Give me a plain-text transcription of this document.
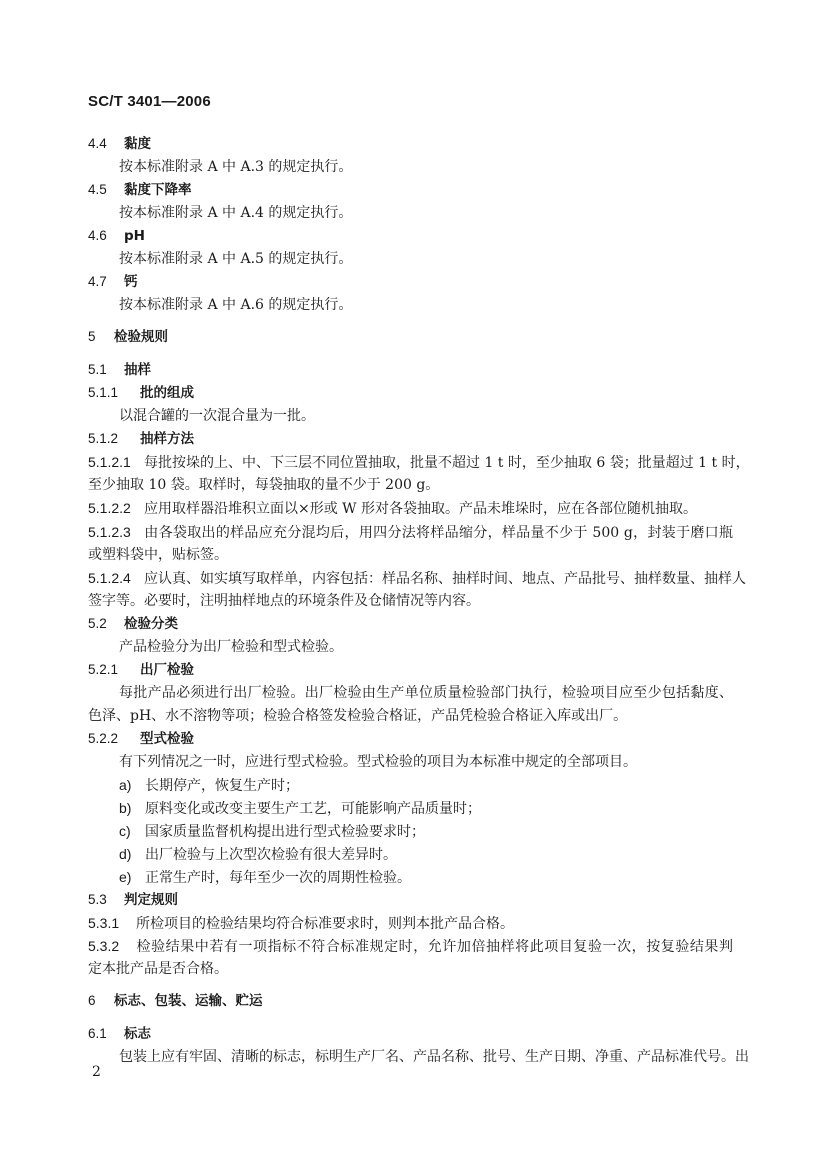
SC/T 3401—2006
4.4 黏度
按本标准附录 A 中 A.3 的规定执行。
4.5 黏度下降率
按本标准附录 A 中 A.4 的规定执行。
4.6 pH
按本标准附录 A 中 A.5 的规定执行。
4.7 钙
按本标准附录 A 中 A.6 的规定执行。
5 检验规则
5.1 抽样
5.1.1 批的组成
以混合罐的一次混合量为一批。
5.1.2 抽样方法
5.1.2.1 每批按垛的上、中、下三层不同位置抽取，批量不超过 1 t 时，至少抽取 6 袋；批量超过 1 t 时，
至少抽取 10 袋。取样时，每袋抽取的量不少于 200 g。
5.1.2.2 应用取样器沿堆积立面以×形或 W 形对各袋抽取。产品未堆垛时，应在各部位随机抽取。
5.1.2.3 由各袋取出的样品应充分混均后，用四分法将样品缩分，样品量不少于 500 g，封装于磨口瓶
或塑料袋中，贴标签。
5.1.2.4 应认真、如实填写取样单，内容包括：样品名称、抽样时间、地点、产品批号、抽样数量、抽样人
签字等。必要时，注明抽样地点的环境条件及仓储情况等内容。
5.2 检验分类
产品检验分为出厂检验和型式检验。
5.2.1 出厂检验
每批产品必须进行出厂检验。出厂检验由生产单位质量检验部门执行，检验项目应至少包括黏度、
色泽、pH、水不溶物等项；检验合格签发检验合格证，产品凭检验合格证入库或出厂。
5.2.2 型式检验
有下列情况之一时，应进行型式检验。型式检验的项目为本标准中规定的全部项目。
a) 长期停产，恢复生产时；
b) 原料变化或改变主要生产工艺，可能影响产品质量时；
c) 国家质量监督机构提出进行型式检验要求时；
d) 出厂检验与上次型次检验有很大差异时。
e) 正常生产时，每年至少一次的周期性检验。
5.3 判定规则
5.3.1 所检项目的检验结果均符合标准要求时，则判本批产品合格。
5.3.2 检验结果中若有一项指标不符合标准规定时，允许加倍抽样将此项目复验一次，按复验结果判
定本批产品是否合格。
6 标志、包装、运输、贮运
6.1 标志
包装上应有牢固、清晰的标志，标明生产厂名、产品名称、批号、生产日期、净重、产品标准代号。出
2
